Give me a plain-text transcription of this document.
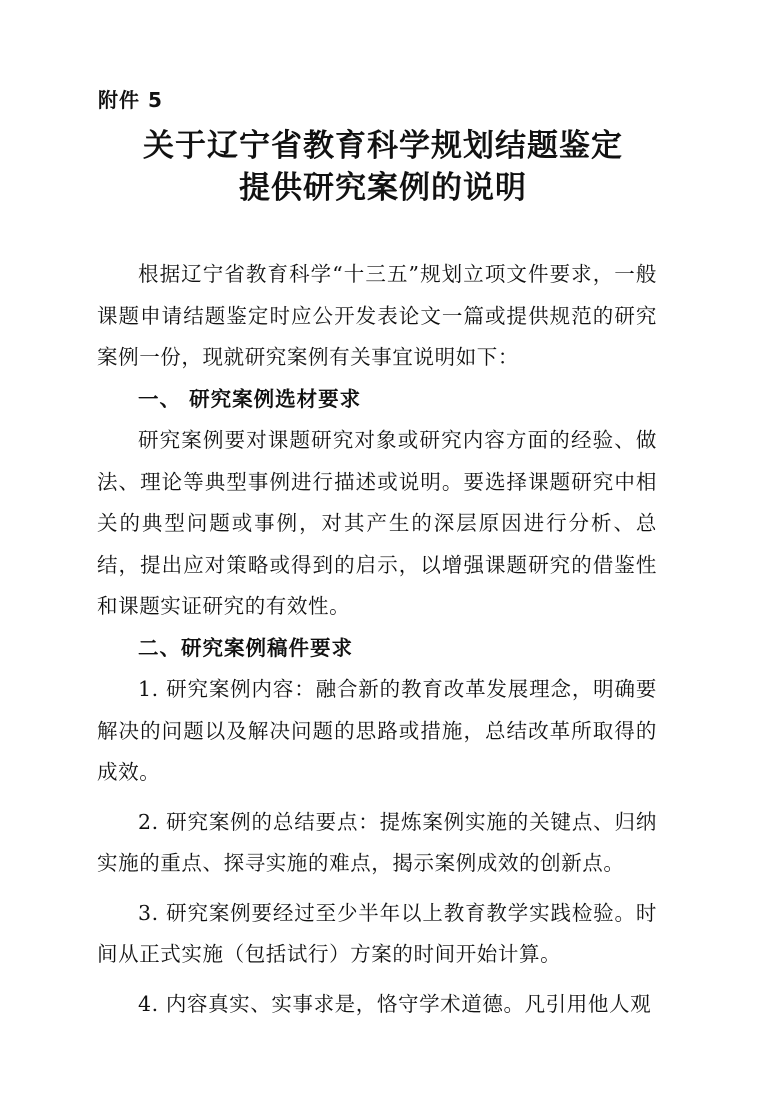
附件 5
关于辽宁省教育科学规划结题鉴定
提供研究案例的说明

根据辽宁省教育科学“十三五”规划立项文件要求，一般课题申请结题鉴定时应公开发表论文一篇或提供规范的研究案例一份，现就研究案例有关事宜说明如下：

一、 研究案例选材要求

研究案例要对课题研究对象或研究内容方面的经验、做法、理论等典型事例进行描述或说明。要选择课题研究中相关的典型问题或事例，对其产生的深层原因进行分析、总结，提出应对策略或得到的启示，以增强课题研究的借鉴性和课题实证研究的有效性。

二、研究案例稿件要求

1. 研究案例内容：融合新的教育改革发展理念，明确要解决的问题以及解决问题的思路或措施，总结改革所取得的成效。

2. 研究案例的总结要点：提炼案例实施的关键点、归纳实施的重点、探寻实施的难点，揭示案例成效的创新点。

3. 研究案例要经过至少半年以上教育教学实践检验。时间从正式实施（包括试行）方案的时间开始计算。

4. 内容真实、实事求是，恪守学术道德。凡引用他人观
